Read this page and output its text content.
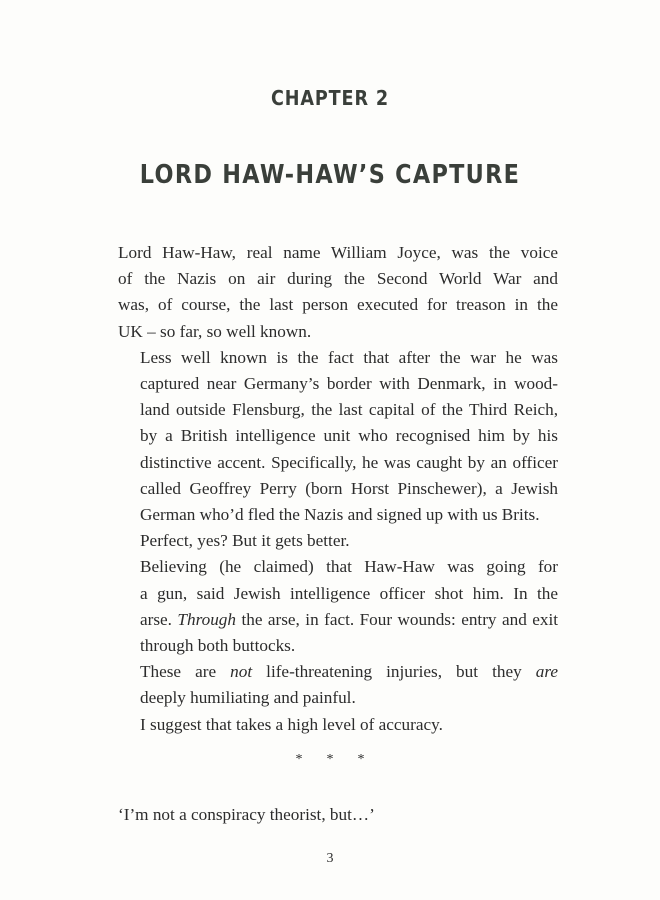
CHAPTER 2
LORD HAW-HAW’S CAPTURE

Lord Haw-Haw, real name William Joyce, was the voice
of the Nazis on air during the Second World War and
was, of course, the last person executed for treason in the
UK – so far, so well known.

Less well known is the fact that after the war he was
captured near Germany’s border with Denmark, in wood-
land outside Flensburg, the last capital of the Third Reich,
by a British intelligence unit who recognised him by his
distinctive accent. Specifically, he was caught by an officer
called Geoffrey Perry (born Horst Pinschewer), a Jewish
German who’d fled the Nazis and signed up with us Brits.

Perfect, yes? But it gets better.

Believing (he claimed) that Haw-Haw was going for
a gun, said Jewish intelligence officer shot him. In the
arse. Through the arse, in fact. Four wounds: entry and exit
through both buttocks.

These are not life-threatening injuries, but they are
deeply humiliating and painful.

I suggest that takes a high level of accuracy.

* * *
‘I’m not a conspiracy theorist, but…’
3
